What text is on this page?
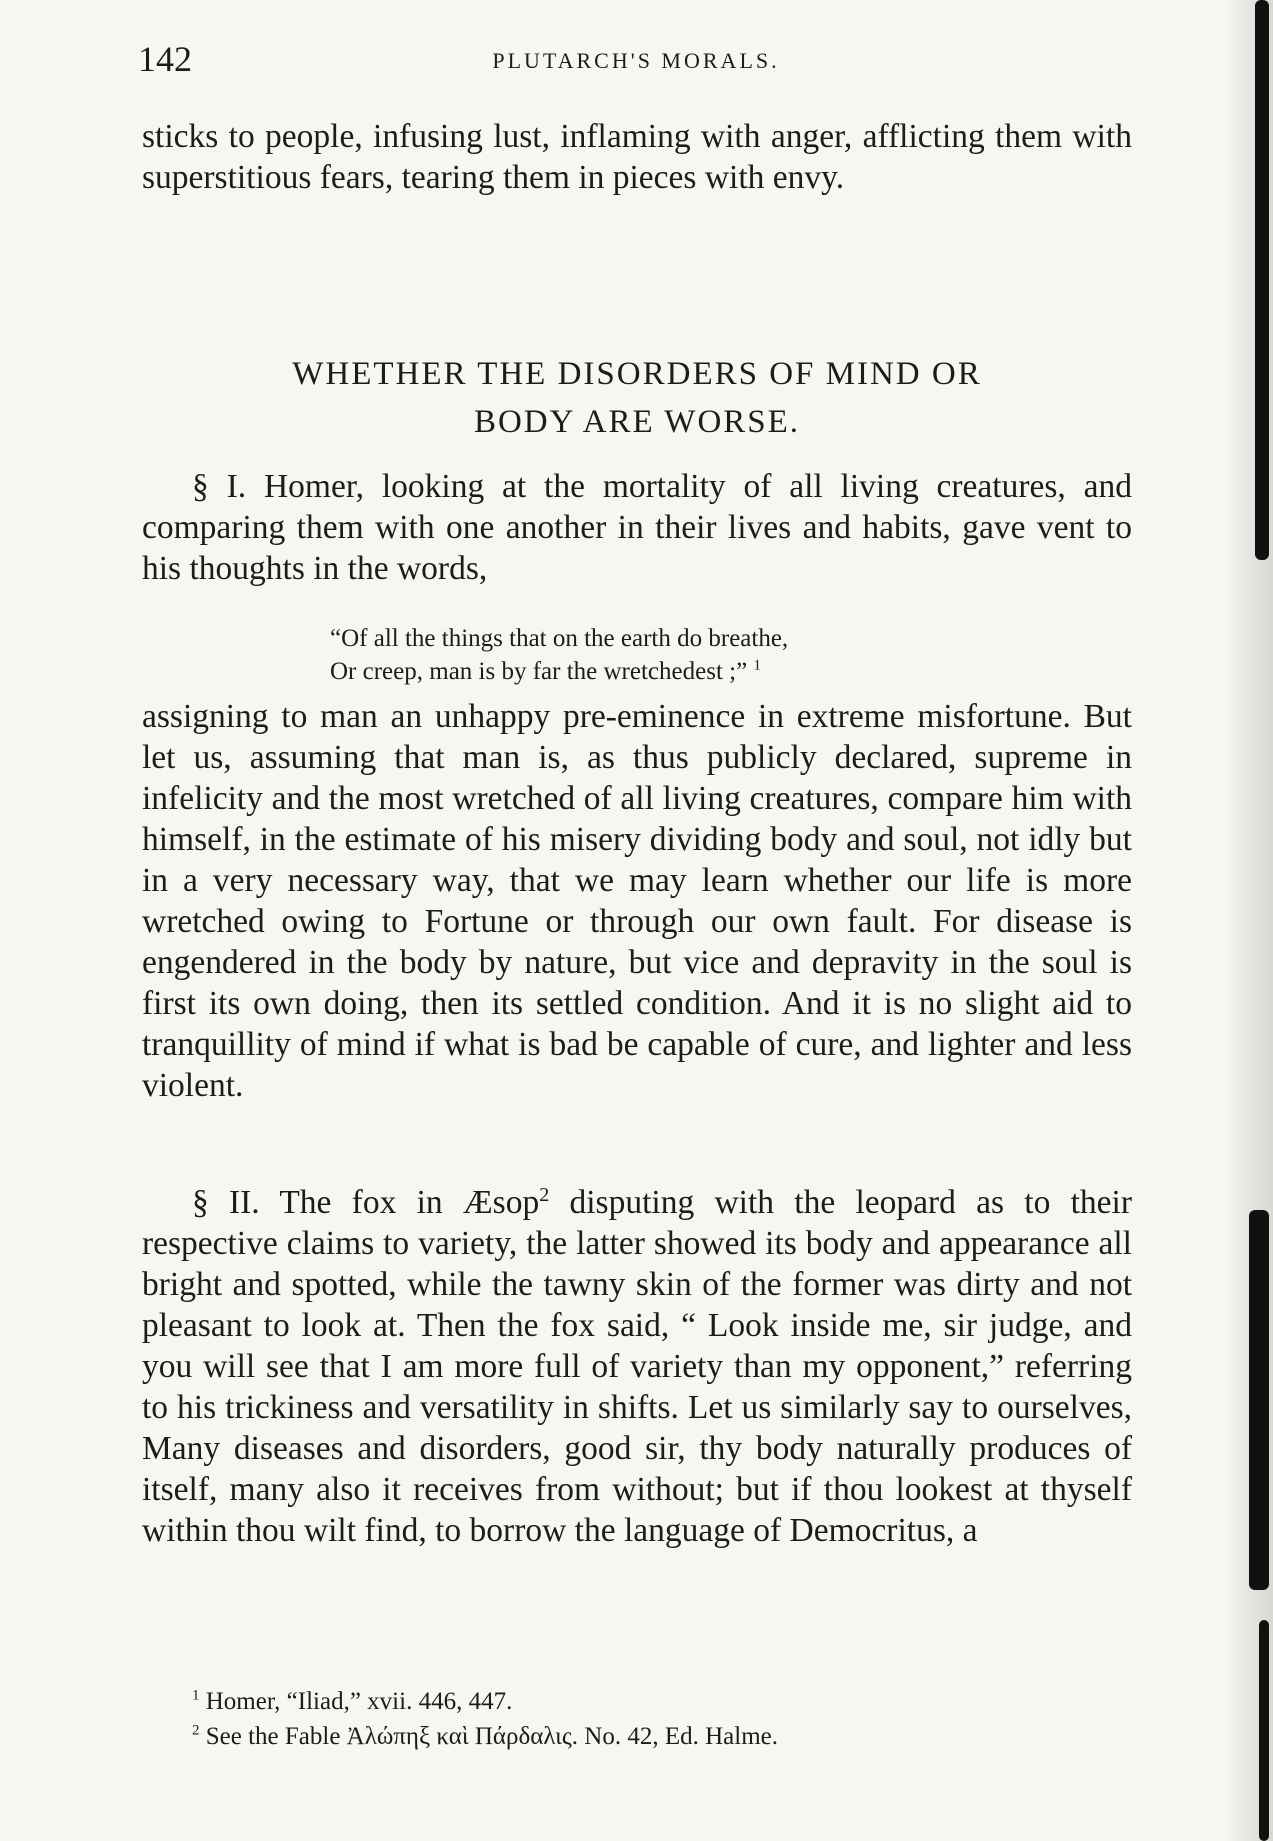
142	PLUTARCH'S MORALS.

sticks to people, infusing lust, inflaming with anger, afflicting them with superstitious fears, tearing them in pieces with envy.

WHETHER THE DISORDERS OF MIND OR
BODY ARE WORSE.

§ I. Homer, looking at the mortality of all living creatures, and comparing them with one another in their lives and habits, gave vent to his thoughts in the words,

“Of all the things that on the earth do breathe,
Or creep, man is by far the wretchedest ;” $^1$

assigning to man an unhappy pre-eminence in extreme misfortune. But let us, assuming that man is, as thus publicly declared, supreme in infelicity and the most wretched of all living creatures, compare him with himself, in the estimate of his misery dividing body and soul, not idly but in a very necessary way, that we may learn whether our life is more wretched owing to Fortune or through our own fault. For disease is engendered in the body by nature, but vice and depravity in the soul is first its own doing, then its settled condition. And it is no slight aid to tranquillity of mind if what is bad be capable of cure, and lighter and less violent.

§ II. The fox in Æsop$^2$ disputing with the leopard as to their respective claims to variety, the latter showed its body and appearance all bright and spotted, while the tawny skin of the former was dirty and not pleasant to look at. Then the fox said, “ Look inside me, sir judge, and you will see that I am more full of variety than my opponent,” referring to his trickiness and versatility in shifts. Let us similarly say to ourselves, Many diseases and disorders, good sir, thy body naturally produces of itself, many also it receives from without; but if thou lookest at thyself within thou wilt find, to borrow the language of Democritus, a

$^1$ Homer, “Iliad,” xvii. 446, 447.
$^2$ See the Fable Ἀλώπηξ καὶ Πάρδαλις. No. 42, Ed. Halme.
